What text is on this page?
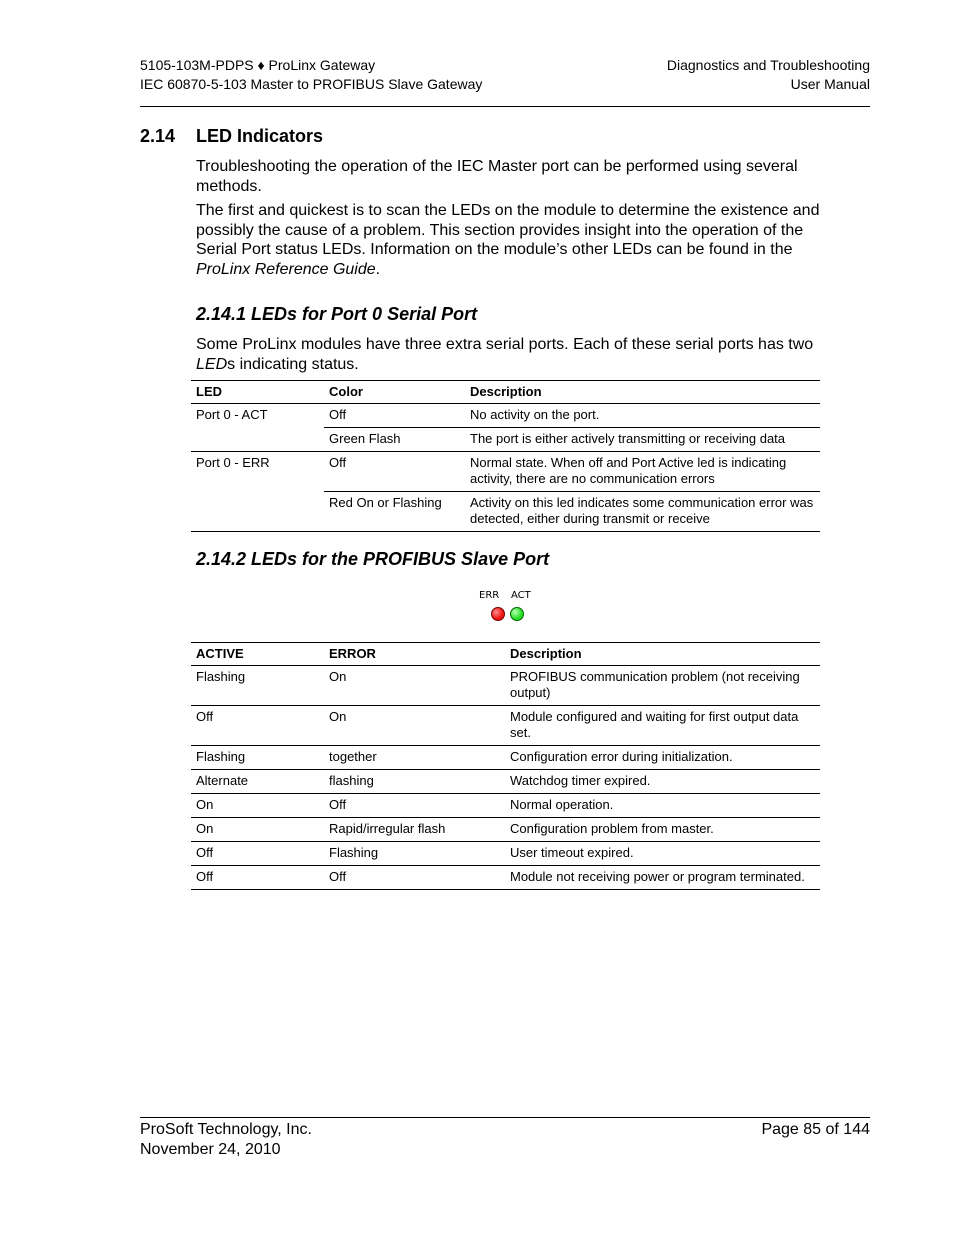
5105-103M-PDPS ♦ ProLinx Gateway
IEC 60870-5-103 Master to PROFIBUS Slave Gateway
Diagnostics and Troubleshooting
User Manual
2.14 LED Indicators
Troubleshooting the operation of the IEC Master port can be performed using several methods.
The first and quickest is to scan the LEDs on the module to determine the existence and possibly the cause of a problem. This section provides insight into the operation of the Serial Port status LEDs. Information on the module’s other LEDs can be found in the ProLinx Reference Guide.
2.14.1 LEDs for Port 0 Serial Port
Some ProLinx modules have three extra serial ports. Each of these serial ports has two LEDs indicating status.
LED	Color	Description
Port 0 - ACT	Off	No activity on the port.
	Green Flash	The port is either actively transmitting or receiving data
Port 0 - ERR	Off	Normal state. When off and Port Active led is indicating activity, there are no communication errors
	Red On or Flashing	Activity on this led indicates some communication error was detected, either during transmit or receive
2.14.2 LEDs for the PROFIBUS Slave Port
ERR ACT
ACTIVE	ERROR	Description
Flashing	On	PROFIBUS communication problem (not receiving output)
Off	On	Module configured and waiting for first output data set.
Flashing	together	Configuration error during initialization.
Alternate	flashing	Watchdog timer expired.
On	Off	Normal operation.
On	Rapid/irregular flash	Configuration problem from master.
Off	Flashing	User timeout expired.
Off	Off	Module not receiving power or program terminated.
ProSoft Technology, Inc.
November 24, 2010
Page 85 of 144
